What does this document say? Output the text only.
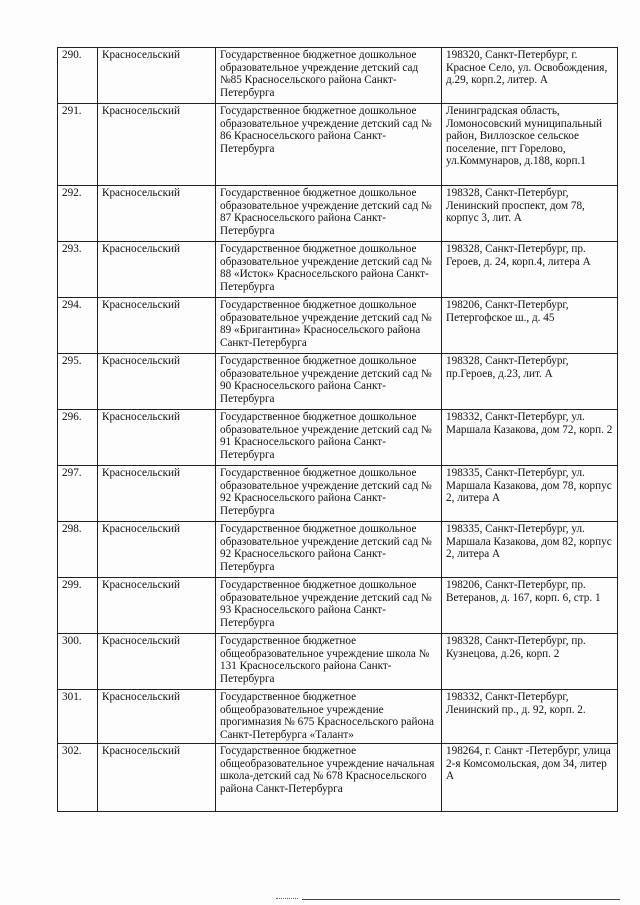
290.	Красносельский	Государственное бюджетное дошкольное образовательное учреждение детский сад №85 Красносельского района Санкт-Петербурга	198320, Санкт-Петербург, г. Красное Село, ул. Освобождения, д.29, корп.2, литер. А
291.	Красносельский	Государственное бюджетное дошкольное образовательное учреждение детский сад № 86 Красносельского района Санкт-Петербурга	Ленинградская область, Ломоносовский муниципальный район, Виллозское сельское поселение, пгт Горелово, ул.Коммунаров, д.188, корп.1
292.	Красносельский	Государственное бюджетное дошкольное образовательное учреждение детский сад № 87 Красносельского района Санкт-Петербурга	198328, Санкт-Петербург, Ленинский проспект, дом 78, корпус 3, лит. А
293.	Красносельский	Государственное бюджетное дошкольное образовательное учреждение детский сад № 88 «Исток» Красносельского района Санкт-Петербурга	198328, Санкт-Петербург, пр. Героев, д. 24, корп.4, литера А
294.	Красносельский	Государственное бюджетное дошкольное образовательное учреждение детский сад № 89 «Бригантина» Красносельского района Санкт-Петербурга	198206, Санкт-Петербург, Петергофское ш., д. 45
295.	Красносельский	Государственное бюджетное дошкольное образовательное учреждение детский сад № 90 Красносельского района Санкт-Петербурга	198328, Санкт-Петербург, пр.Героев, д.23, лит. А
296.	Красносельский	Государственное бюджетное дошкольное образовательное учреждение детский сад № 91 Красносельского района Санкт-Петербурга	198332, Санкт-Петербург, ул. Маршала Казакова, дом 72, корп. 2
297.	Красносельский	Государственное бюджетное дошкольное образовательное учреждение детский сад № 92 Красносельского района Санкт-Петербурга	198335, Санкт-Петербург, ул. Маршала Казакова, дом 78, корпус 2, литера А
298.	Красносельский	Государственное бюджетное дошкольное образовательное учреждение детский сад № 92 Красносельского района Санкт-Петербурга	198335, Санкт-Петербург, ул. Маршала Казакова, дом 82, корпус 2, литера А
299.	Красносельский	Государственное бюджетное дошкольное образовательное учреждение детский сад № 93 Красносельского района Санкт-Петербурга	198206, Санкт-Петербург, пр. Ветеранов, д. 167, корп. 6, стр. 1
300.	Красносельский	Государственное бюджетное общеобразовательное учреждение школа № 131 Красносельского района Санкт-Петербурга	198328, Санкт-Петербург, пр. Кузнецова, д.26, корп. 2
301.	Красносельский	Государственное бюджетное общеобразовательное учреждение прогимназия № 675 Красносельского района Санкт-Петербурга «Талант»	198332, Санкт-Петербург, Ленинский пр., д. 92, корп. 2.
302.	Красносельский	Государственное бюджетное общеобразовательное учреждение начальная школа-детский сад № 678 Красносельского района Санкт-Петербурга	198264, г. Санкт -Петербург, улица 2-я Комсомольская, дом 34, литер А
